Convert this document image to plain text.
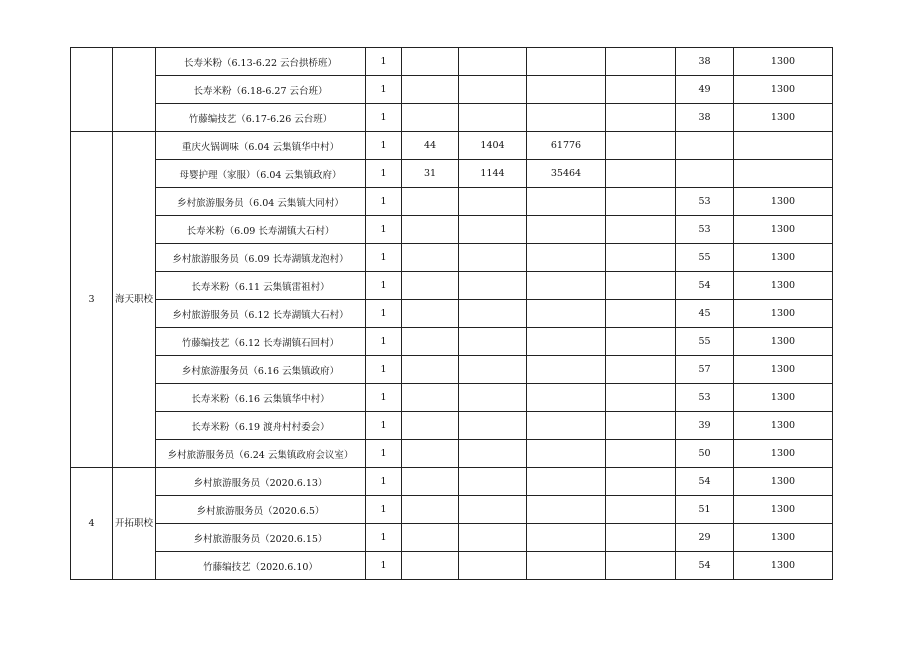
		长寿米粉（6.13-6.22 云台拱桥班）	1					38	1300	
		长寿米粉（6.18-6.27 云台班）	1					49	1300	
		竹藤编技艺（6.17-6.26 云台班）	1					38	1300	
3	海天职校	重庆火锅调味（6.04 云集镇华中村）	1	44	1404	61776				
		母婴护理（家服）（6.04 云集镇政府）	1	31	1144	35464				
		乡村旅游服务员（6.04 云集镇大同村）	1					53	1300	
		长寿米粉（6.09 长寿湖镇大石村）	1					53	1300	
		乡村旅游服务员（6.09 长寿湖镇龙泡村）	1					55	1300	
		长寿米粉（6.11 云集镇雷祖村）	1					54	1300	
		乡村旅游服务员（6.12 长寿湖镇大石村）	1					45	1300	
		竹藤编技艺（6.12 长寿湖镇石回村）	1					55	1300	
		乡村旅游服务员（6.16 云集镇政府）	1					57	1300	
		长寿米粉（6.16 云集镇华中村）	1					53	1300	
		长寿米粉（6.19 渡舟村村委会）	1					39	1300	
		乡村旅游服务员（6.24 云集镇政府会议室）	1					50	1300	
4	开拓职校	乡村旅游服务员（2020.6.13）	1					54	1300	
		乡村旅游服务员（2020.6.5）	1					51	1300	
		乡村旅游服务员（2020.6.15）	1					29	1300	
		竹藤编技艺（2020.6.10）	1					54	1300	
